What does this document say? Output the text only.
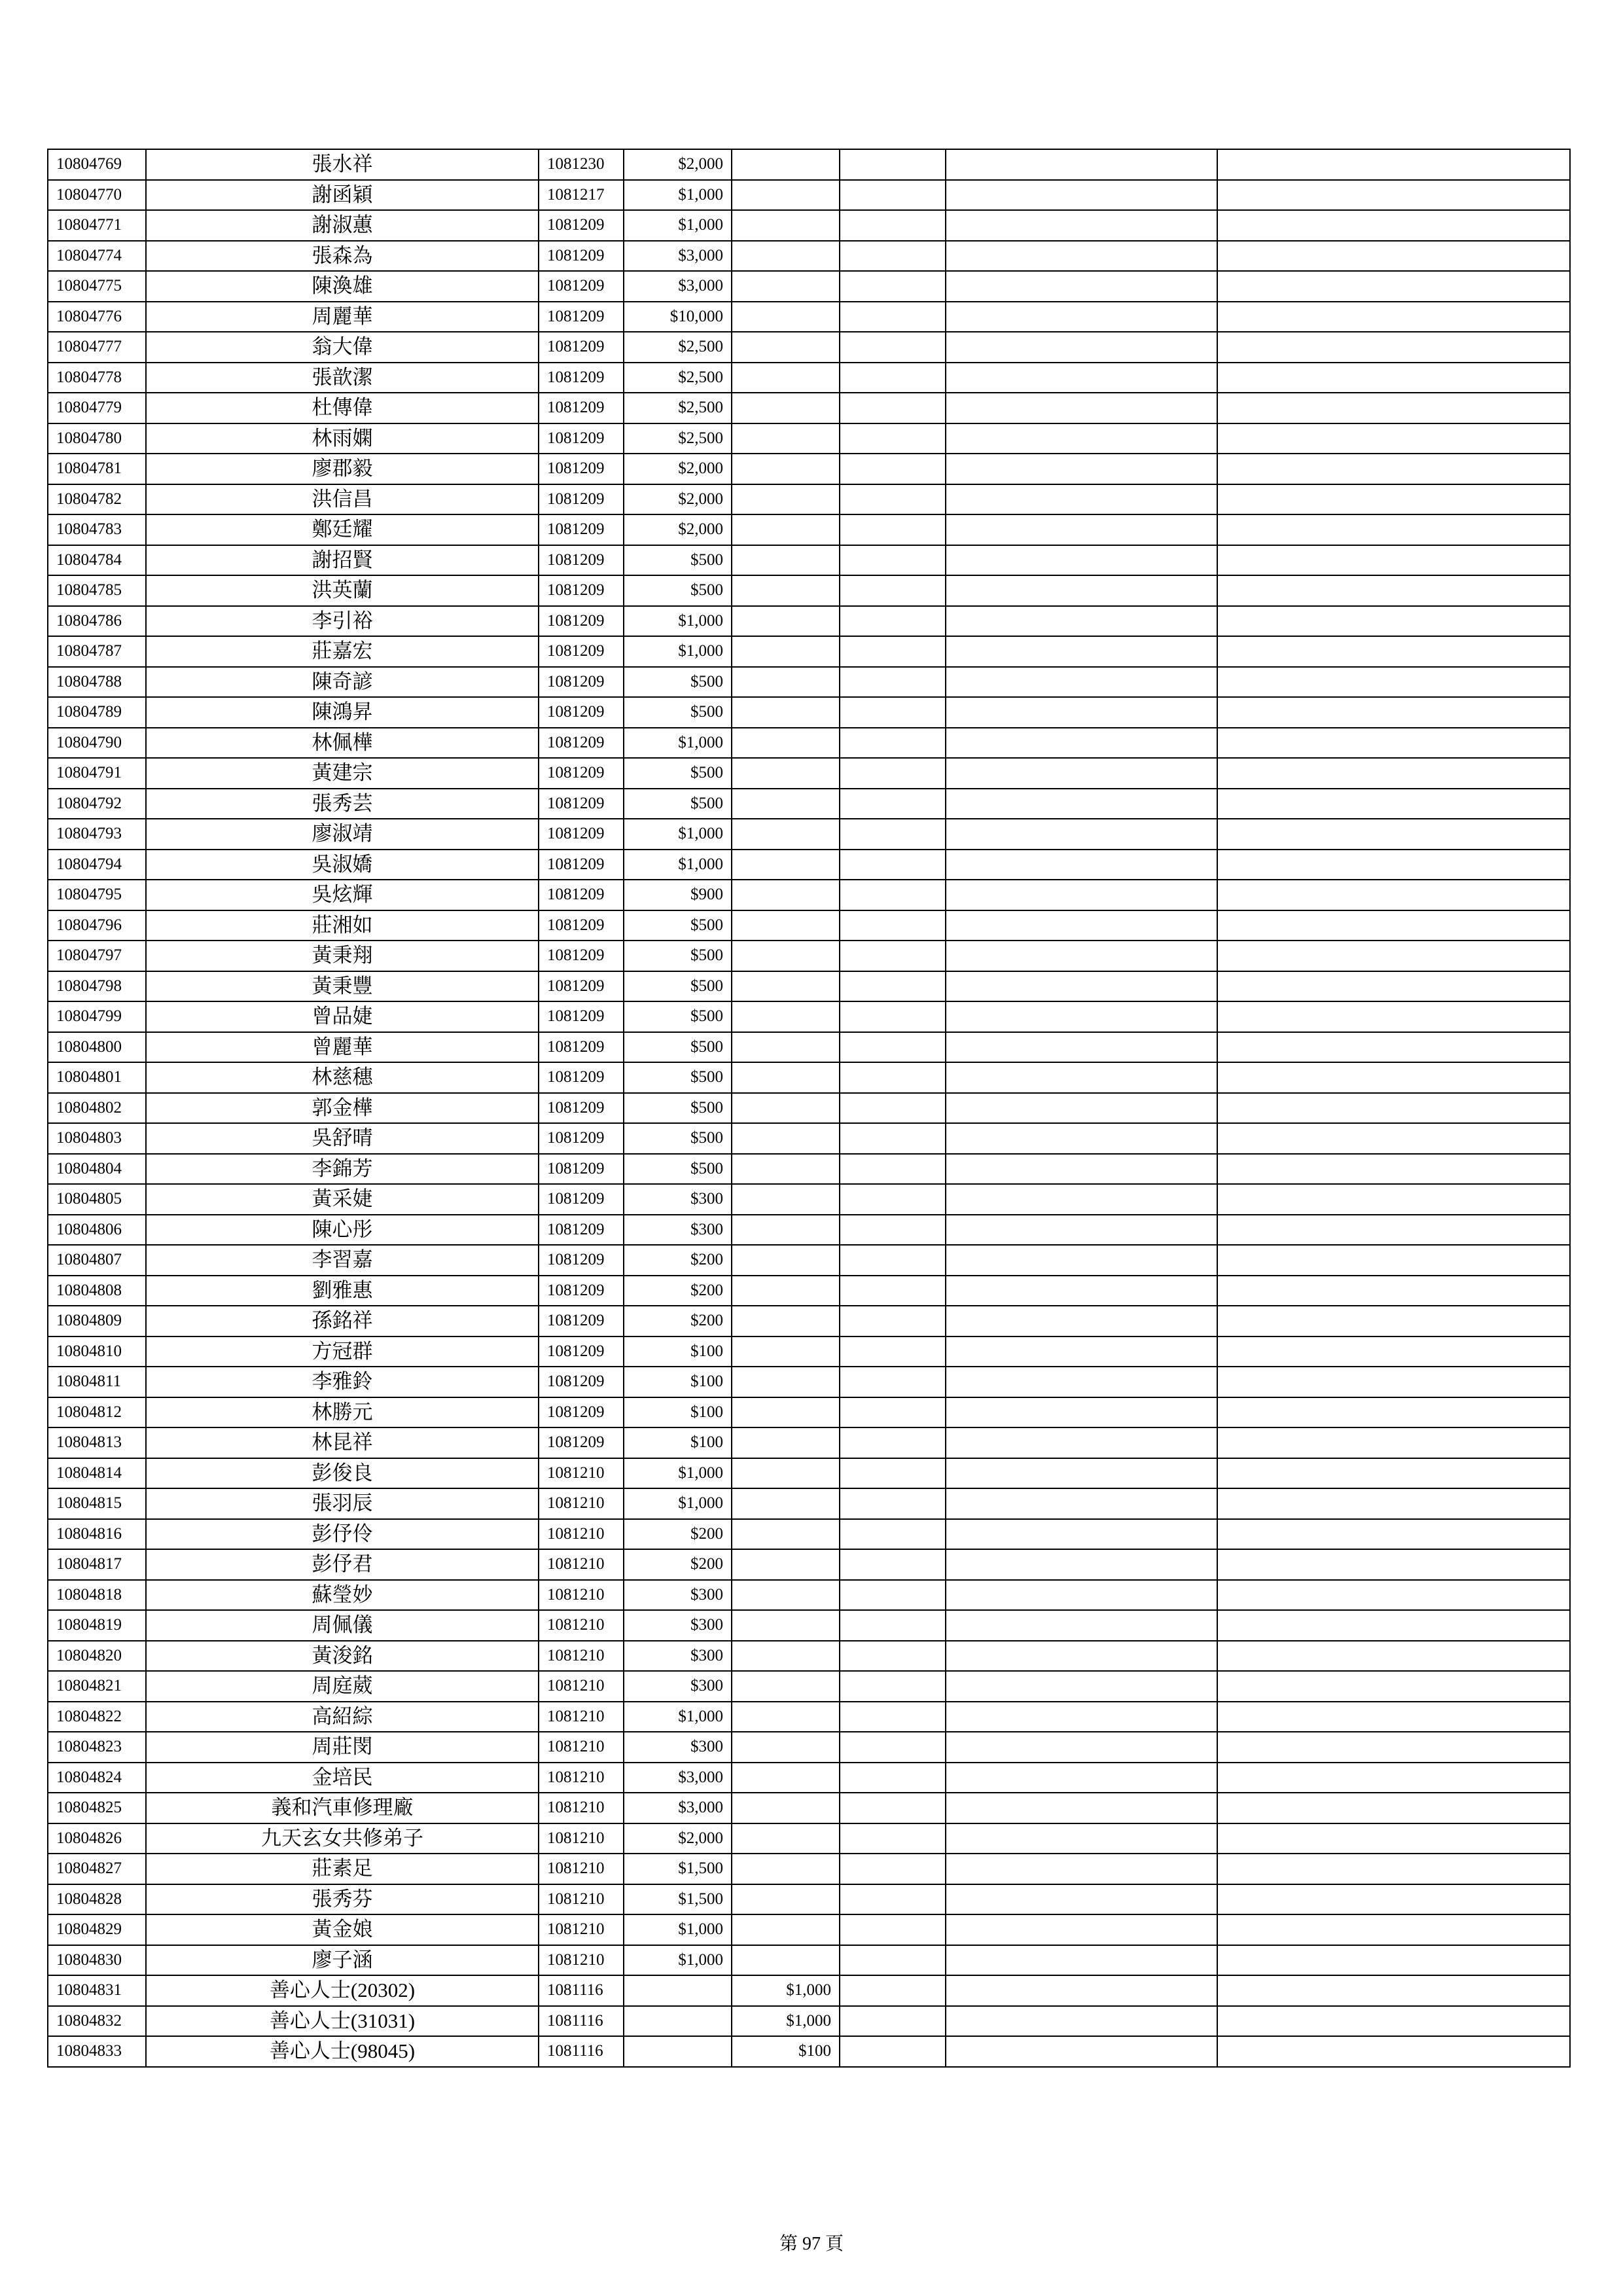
10804769	張水祥	1081230	$2,000				
10804770	謝函穎	1081217	$1,000				
10804771	謝淑蕙	1081209	$1,000				
10804774	張森為	1081209	$3,000				
10804775	陳渙雄	1081209	$3,000				
10804776	周麗華	1081209	$10,000				
10804777	翁大偉	1081209	$2,500				
10804778	張歆潔	1081209	$2,500				
10804779	杜傳偉	1081209	$2,500				
10804780	林雨嫻	1081209	$2,500				
10804781	廖郡毅	1081209	$2,000				
10804782	洪信昌	1081209	$2,000				
10804783	鄭廷耀	1081209	$2,000				
10804784	謝招賢	1081209	$500				
10804785	洪英蘭	1081209	$500				
10804786	李引裕	1081209	$1,000				
10804787	莊嘉宏	1081209	$1,000				
10804788	陳奇諺	1081209	$500				
10804789	陳鴻昇	1081209	$500				
10804790	林佩樺	1081209	$1,000				
10804791	黃建宗	1081209	$500				
10804792	張秀芸	1081209	$500				
10804793	廖淑靖	1081209	$1,000				
10804794	吳淑嬌	1081209	$1,000				
10804795	吳炫輝	1081209	$900				
10804796	莊湘如	1081209	$500				
10804797	黃秉翔	1081209	$500				
10804798	黃秉豐	1081209	$500				
10804799	曾品婕	1081209	$500				
10804800	曾麗華	1081209	$500				
10804801	林慈穗	1081209	$500				
10804802	郭金樺	1081209	$500				
10804803	吳舒晴	1081209	$500				
10804804	李錦芳	1081209	$500				
10804805	黃采婕	1081209	$300				
10804806	陳心彤	1081209	$300				
10804807	李習嘉	1081209	$200				
10804808	劉雅惠	1081209	$200				
10804809	孫銘祥	1081209	$200				
10804810	方冠群	1081209	$100				
10804811	李雅鈴	1081209	$100				
10804812	林勝元	1081209	$100				
10804813	林昆祥	1081209	$100				
10804814	彭俊良	1081210	$1,000				
10804815	張羽辰	1081210	$1,000				
10804816	彭伃伶	1081210	$200				
10804817	彭伃君	1081210	$200				
10804818	蘇瑩妙	1081210	$300				
10804819	周佩儀	1081210	$300				
10804820	黃浚銘	1081210	$300				
10804821	周庭葳	1081210	$300				
10804822	高紹綜	1081210	$1,000				
10804823	周莊閔	1081210	$300				
10804824	金培民	1081210	$3,000				
10804825	義和汽車修理廠	1081210	$3,000				
10804826	九天玄女共修弟子	1081210	$2,000				
10804827	莊素足	1081210	$1,500				
10804828	張秀芬	1081210	$1,500				
10804829	黃金娘	1081210	$1,000				
10804830	廖子涵	1081210	$1,000				
10804831	善心人士(20302)	1081116		$1,000			
10804832	善心人士(31031)	1081116		$1,000			
10804833	善心人士(98045)	1081116		$100			
第 97 頁
